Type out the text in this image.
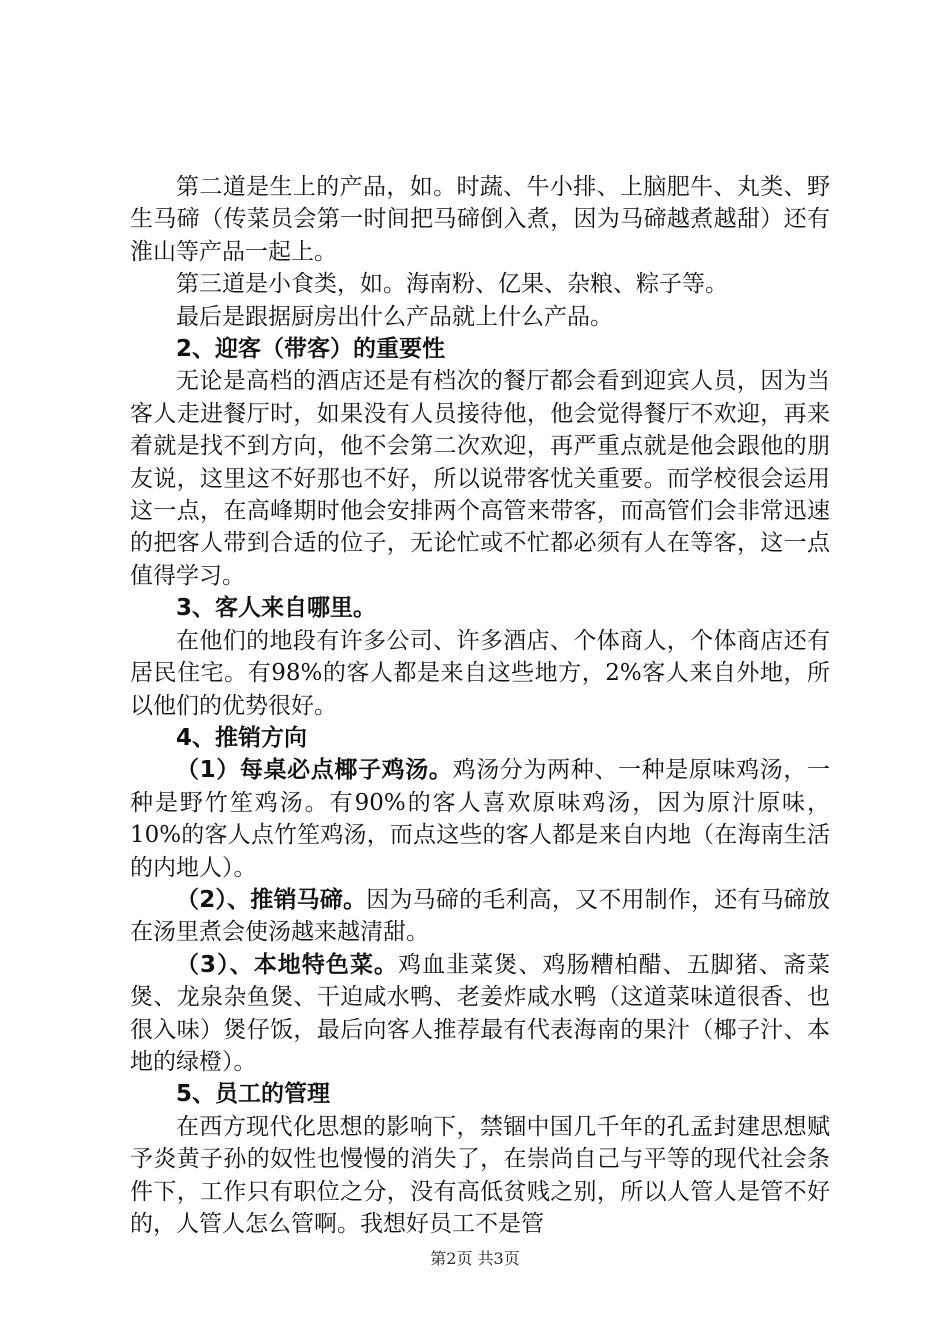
第二道是生上的产品，如。时蔬、牛小排、上脑肥牛、丸类、野生马碲（传菜员会第一时间把马碲倒入煮，因为马碲越煮越甜）还有淮山等产品一起上。

第三道是小食类，如。海南粉、亿果、杂粮、粽子等。

最后是跟据厨房出什么产品就上什么产品。

2、迎客（带客）的重要性

无论是高档的酒店还是有档次的餐厅都会看到迎宾人员，因为当客人走进餐厅时，如果没有人员接待他，他会觉得餐厅不欢迎，再来着就是找不到方向，他不会第二次欢迎，再严重点就是他会跟他的朋友说，这里这不好那也不好，所以说带客忧关重要。而学校很会运用这一点，在高峰期时他会安排两个高管来带客，而高管们会非常迅速的把客人带到合适的位子，无论忙或不忙都必须有人在等客，这一点值得学习。

3、客人来自哪里。

在他们的地段有许多公司、许多酒店、个体商人，个体商店还有居民住宅。有98%的客人都是来自这些地方，2%客人来自外地，所以他们的优势很好。

4、推销方向

（1）每桌必点椰子鸡汤。鸡汤分为两种、一种是原味鸡汤，一种是野竹笙鸡汤。有90%的客人喜欢原味鸡汤，因为原汁原味，10%的客人点竹笙鸡汤，而点这些的客人都是来自内地（在海南生活的内地人）。

（2）、推销马碲。因为马碲的毛利高，又不用制作，还有马碲放在汤里煮会使汤越来越清甜。

（3）、本地特色菜。鸡血韭菜煲、鸡肠糟柏醋、五脚猪、斋菜煲、龙泉杂鱼煲、干迫咸水鸭、老姜炸咸水鸭（这道菜味道很香、也很入味）煲仔饭，最后向客人推荐最有代表海南的果汁（椰子汁、本地的绿橙）。

5、员工的管理

在西方现代化思想的影响下，禁锢中国几千年的孔孟封建思想赋予炎黄子孙的奴性也慢慢的消失了，在崇尚自己与平等的现代社会条件下，工作只有职位之分，没有高低贫贱之别，所以人管人是管不好的，人管人怎么管啊。我想好员工不是管

第2页 共3页
